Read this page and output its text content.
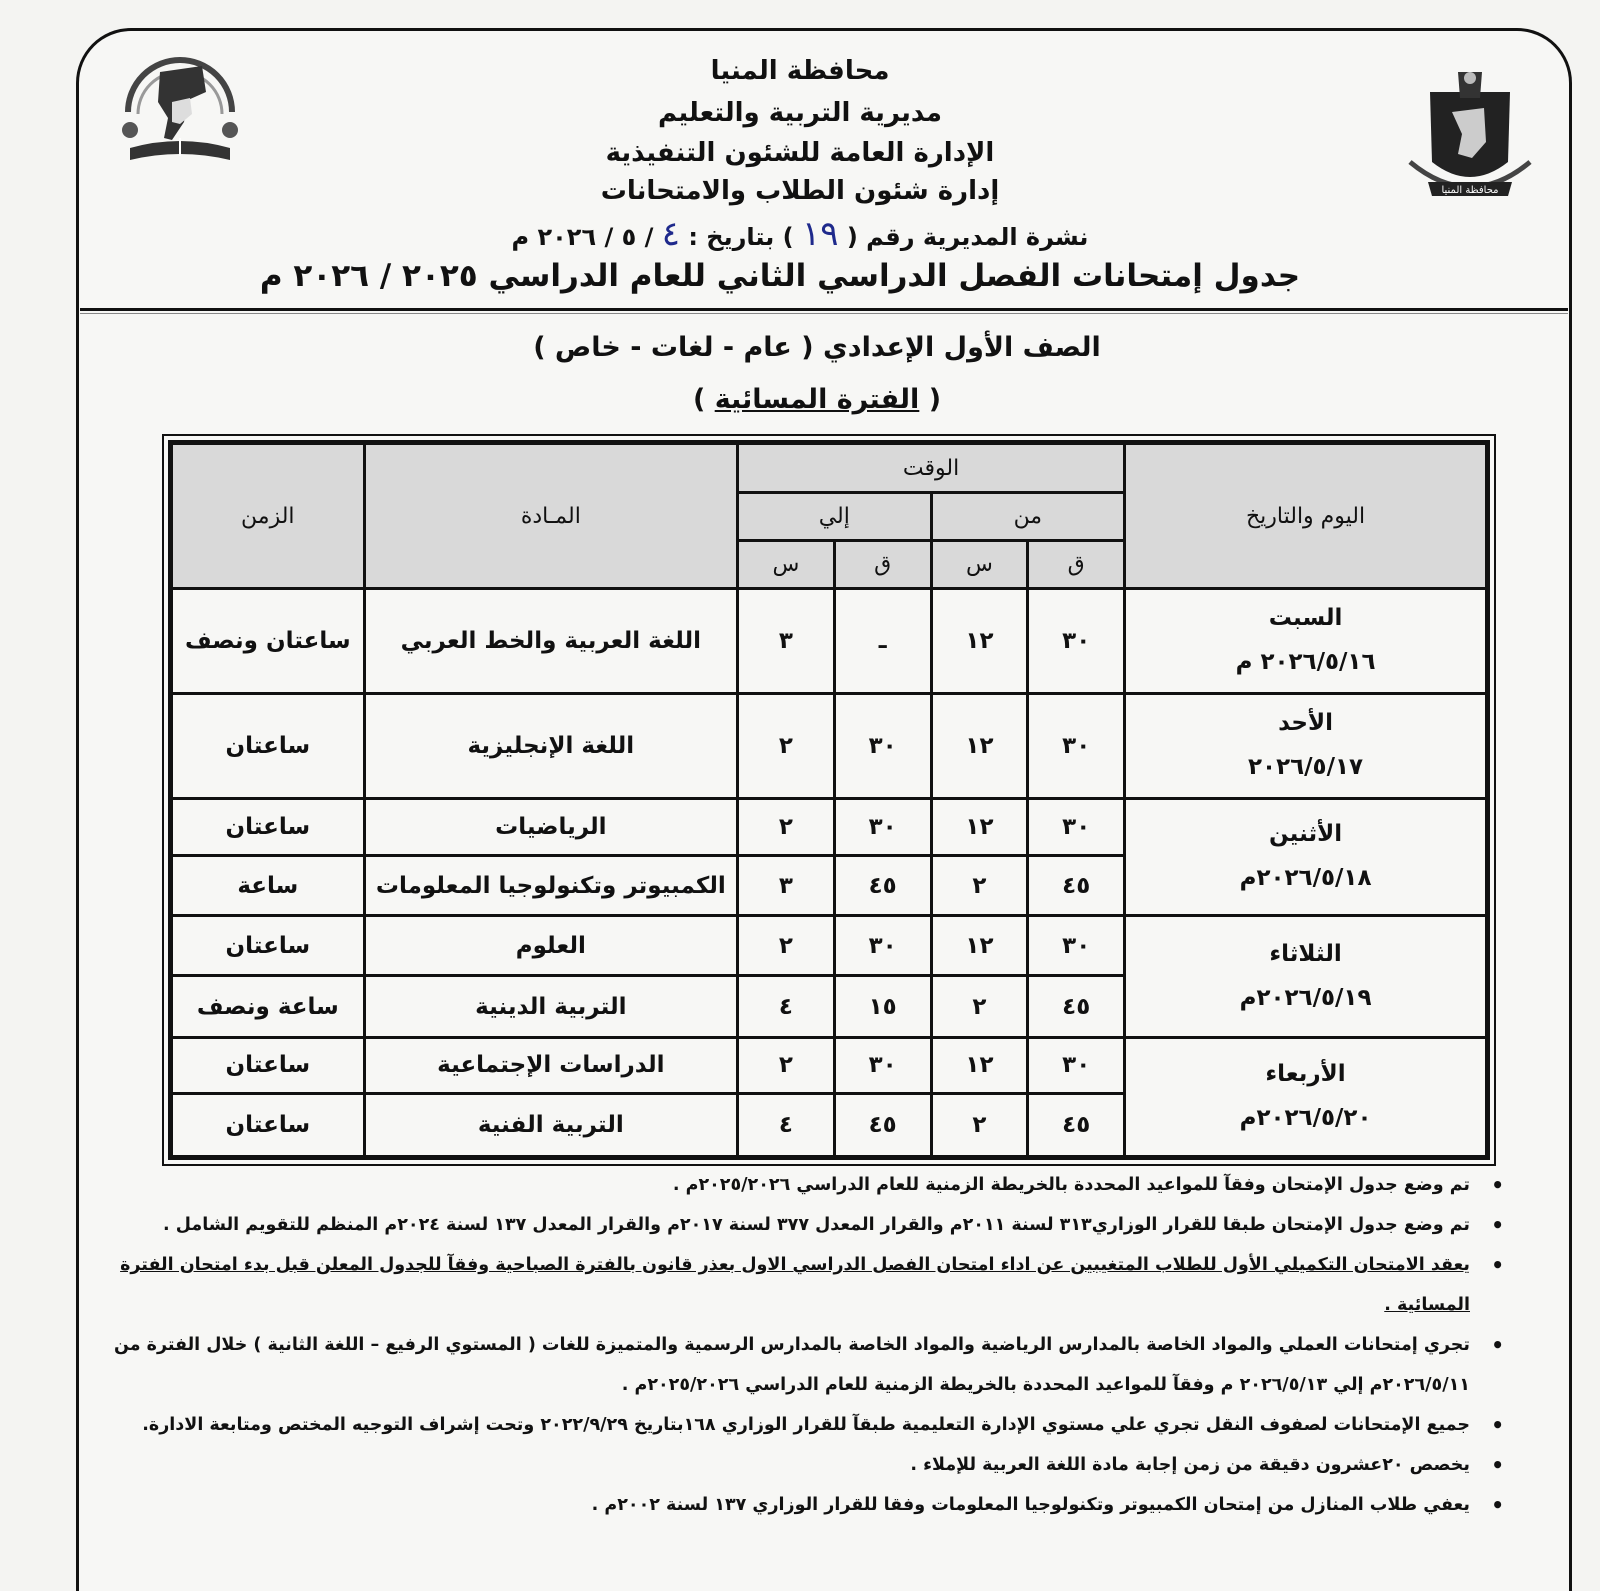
محافظة المنيا
محافظة المنيا
مديرية التربية والتعليم
الإدارة العامة للشئون التنفيذية
إدارة شئون الطلاب والامتحانات
نشرة المديرية رقم ( ١٩ ) بتاريخ : ٤ / ٥ / ٢٠٢٦ م
جدول إمتحانات الفصل الدراسي الثاني للعام الدراسي ٢٠٢٥ / ٢٠٢٦ م
الصف الأول الإعدادي ( عام - لغات - خاص )
( الفترة المسائية )
اليوم والتاريخ	الوقت				المـادة	الزمن
	من		إلي			
	ق	س	ق	س		

السبت
٢٠٢٦/٥/١٦ م	٣٠	١٢	ـ	٣	اللغة العربية والخط العربي	ساعتان ونصف

الأحد
٢٠٢٦/٥/١٧	٣٠	١٢	٣٠	٢	اللغة الإنجليزية	ساعتان

الأثنين
٢٠٢٦/٥/١٨م	٣٠	١٢	٣٠	٢	الرياضيات	ساعتان
	٤٥	٢	٤٥	٣	الكمبيوتر وتكنولوجيا المعلومات	ساعة

الثلاثاء
٢٠٢٦/٥/١٩م	٣٠	١٢	٣٠	٢	العلوم	ساعتان
	٤٥	٢	١٥	٤	التربية الدينية	ساعة ونصف

الأربعاء
٢٠٢٦/٥/٢٠م	٣٠	١٢	٣٠	٢	الدراسات الإجتماعية	ساعتان
	٤٥	٢	٤٥	٤	التربية الفنية	ساعتان
• تم وضع جدول الإمتحان وفقآ للمواعيد المحددة بالخريطة الزمنية للعام الدراسي ٢٠٢٥/٢٠٢٦م .
• تم وضع جدول الإمتحان طبقا للقرار الوزاري٣١٣ لسنة ٢٠١١م والقرار المعدل ٣٧٧ لسنة ٢٠١٧م والقرار المعدل ١٣٧ لسنة ٢٠٢٤م المنظم للتقويم الشامل .
• يعقد الامتحان التكميلي الأول للطلاب المتغيبين عن اداء امتحان الفصل الدراسي الاول بعذر قانون بالفترة الصباحية وفقآ للجدول المعلن قبل بدء امتحان الفترة المسائية .
• تجري إمتحانات العملي والمواد الخاصة بالمدارس الرياضية والمواد الخاصة بالمدارس الرسمية والمتميزة للغات ( المستوي الرفيع – اللغة الثانية ) خلال الفترة من ٢٠٢٦/٥/١١م إلي ٢٠٢٦/٥/١٣ م وفقآ للمواعيد المحددة بالخريطة الزمنية للعام الدراسي ٢٠٢٥/٢٠٢٦م .
• جميع الإمتحانات لصفوف النقل تجري علي مستوي الإدارة التعليمية طبقآ للقرار الوزاري ١٦٨بتاريخ ٢٠٢٢/٩/٢٩ وتحت إشراف التوجيه المختص ومتابعة الادارة.
• يخصص ٢٠عشرون دقيقة من زمن إجابة مادة اللغة العربية للإملاء .
• يعفي طلاب المنازل من إمتحان الكمبيوتر وتكنولوجيا المعلومات وفقا للقرار الوزاري ١٣٧ لسنة ٢٠٠٢م .
